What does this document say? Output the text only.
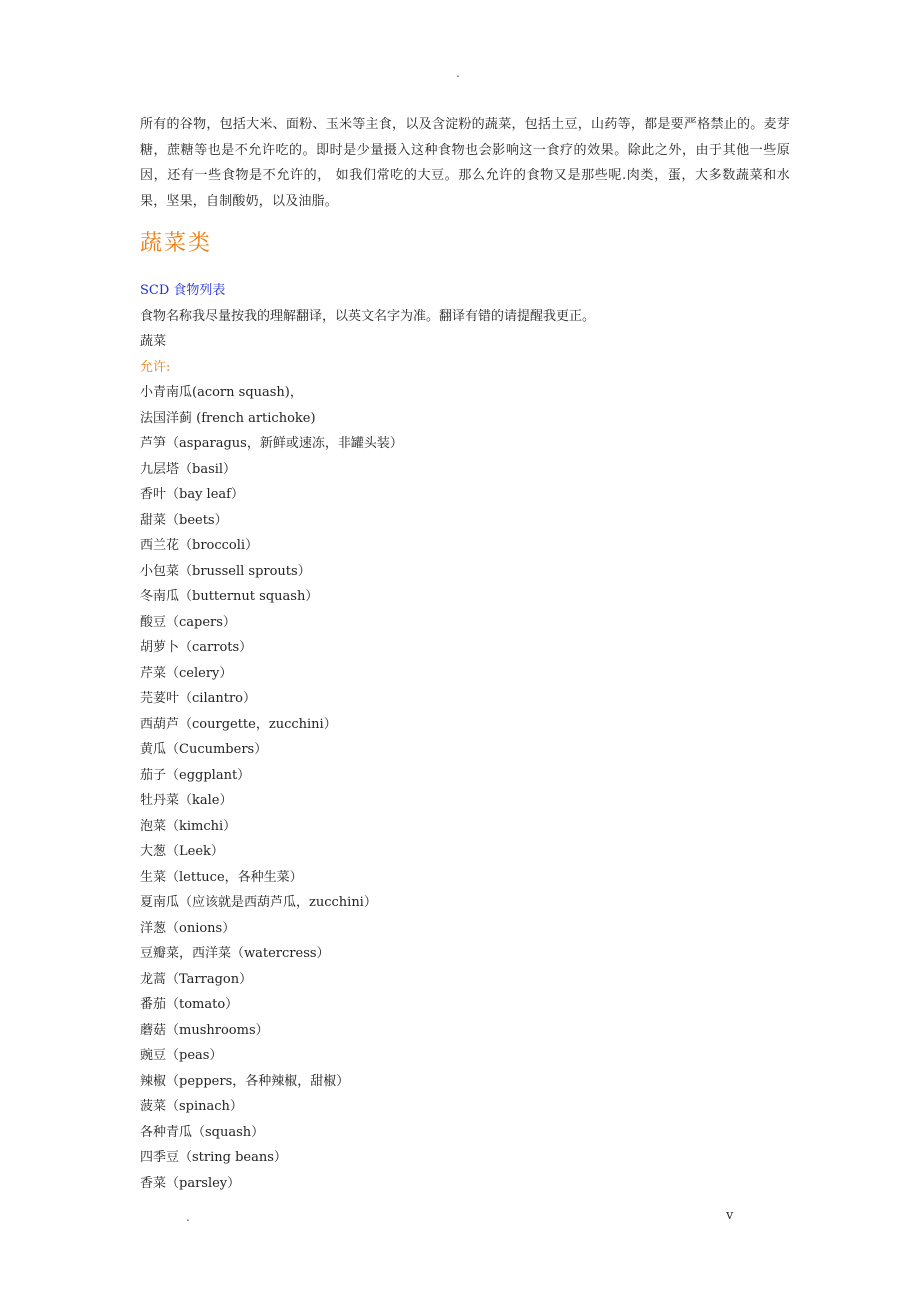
.

所有的谷物，包括大米、面粉、玉米等主食，以及含淀粉的蔬菜，包括土豆，山药等，都是要严格禁止的。麦芽糖，蔗糖等也是不允许吃的。即时是少量摄入这种食物也会影响这一食疗的效果。除此之外，由于其他一些原因，还有一些食物是不允许的， 如我们常吃的大豆。那么允许的食物又是那些呢.肉类，蛋，大多数蔬菜和水果，坚果，自制酸奶，以及油脂。

蔬菜类
SCD 食物列表
食物名称我尽量按我的理解翻译，以英文名字为准。翻译有错的请提醒我更正。
蔬菜
允许:
小青南瓜(acorn squash)，
法国洋蓟 (french artichoke)
芦笋（asparagus，新鲜或速冻，非罐头装）
九层塔（basil）
香叶（bay leaf）
甜菜（beets）
西兰花（broccoli）
小包菜（brussell sprouts）
冬南瓜（butternut squash）
酸豆（capers）
胡萝卜（carrots）
芹菜（celery）
芫荽叶（cilantro）
西葫芦（courgette，zucchini）
黄瓜（Cucumbers）
茄子（eggplant）
牡丹菜（kale）
泡菜（kimchi）
大葱（Leek）
生菜（lettuce，各种生菜）
夏南瓜（应该就是西葫芦瓜，zucchini）
洋葱（onions）
豆瓣菜，西洋菜（watercress）
龙蒿（Tarragon）
番茄（tomato）
蘑菇（mushrooms）
豌豆（peas）
辣椒（peppers，各种辣椒，甜椒）
菠菜（spinach）
各种青瓜（squash）
四季豆（string beans）
香菜（parsley）
.	v
